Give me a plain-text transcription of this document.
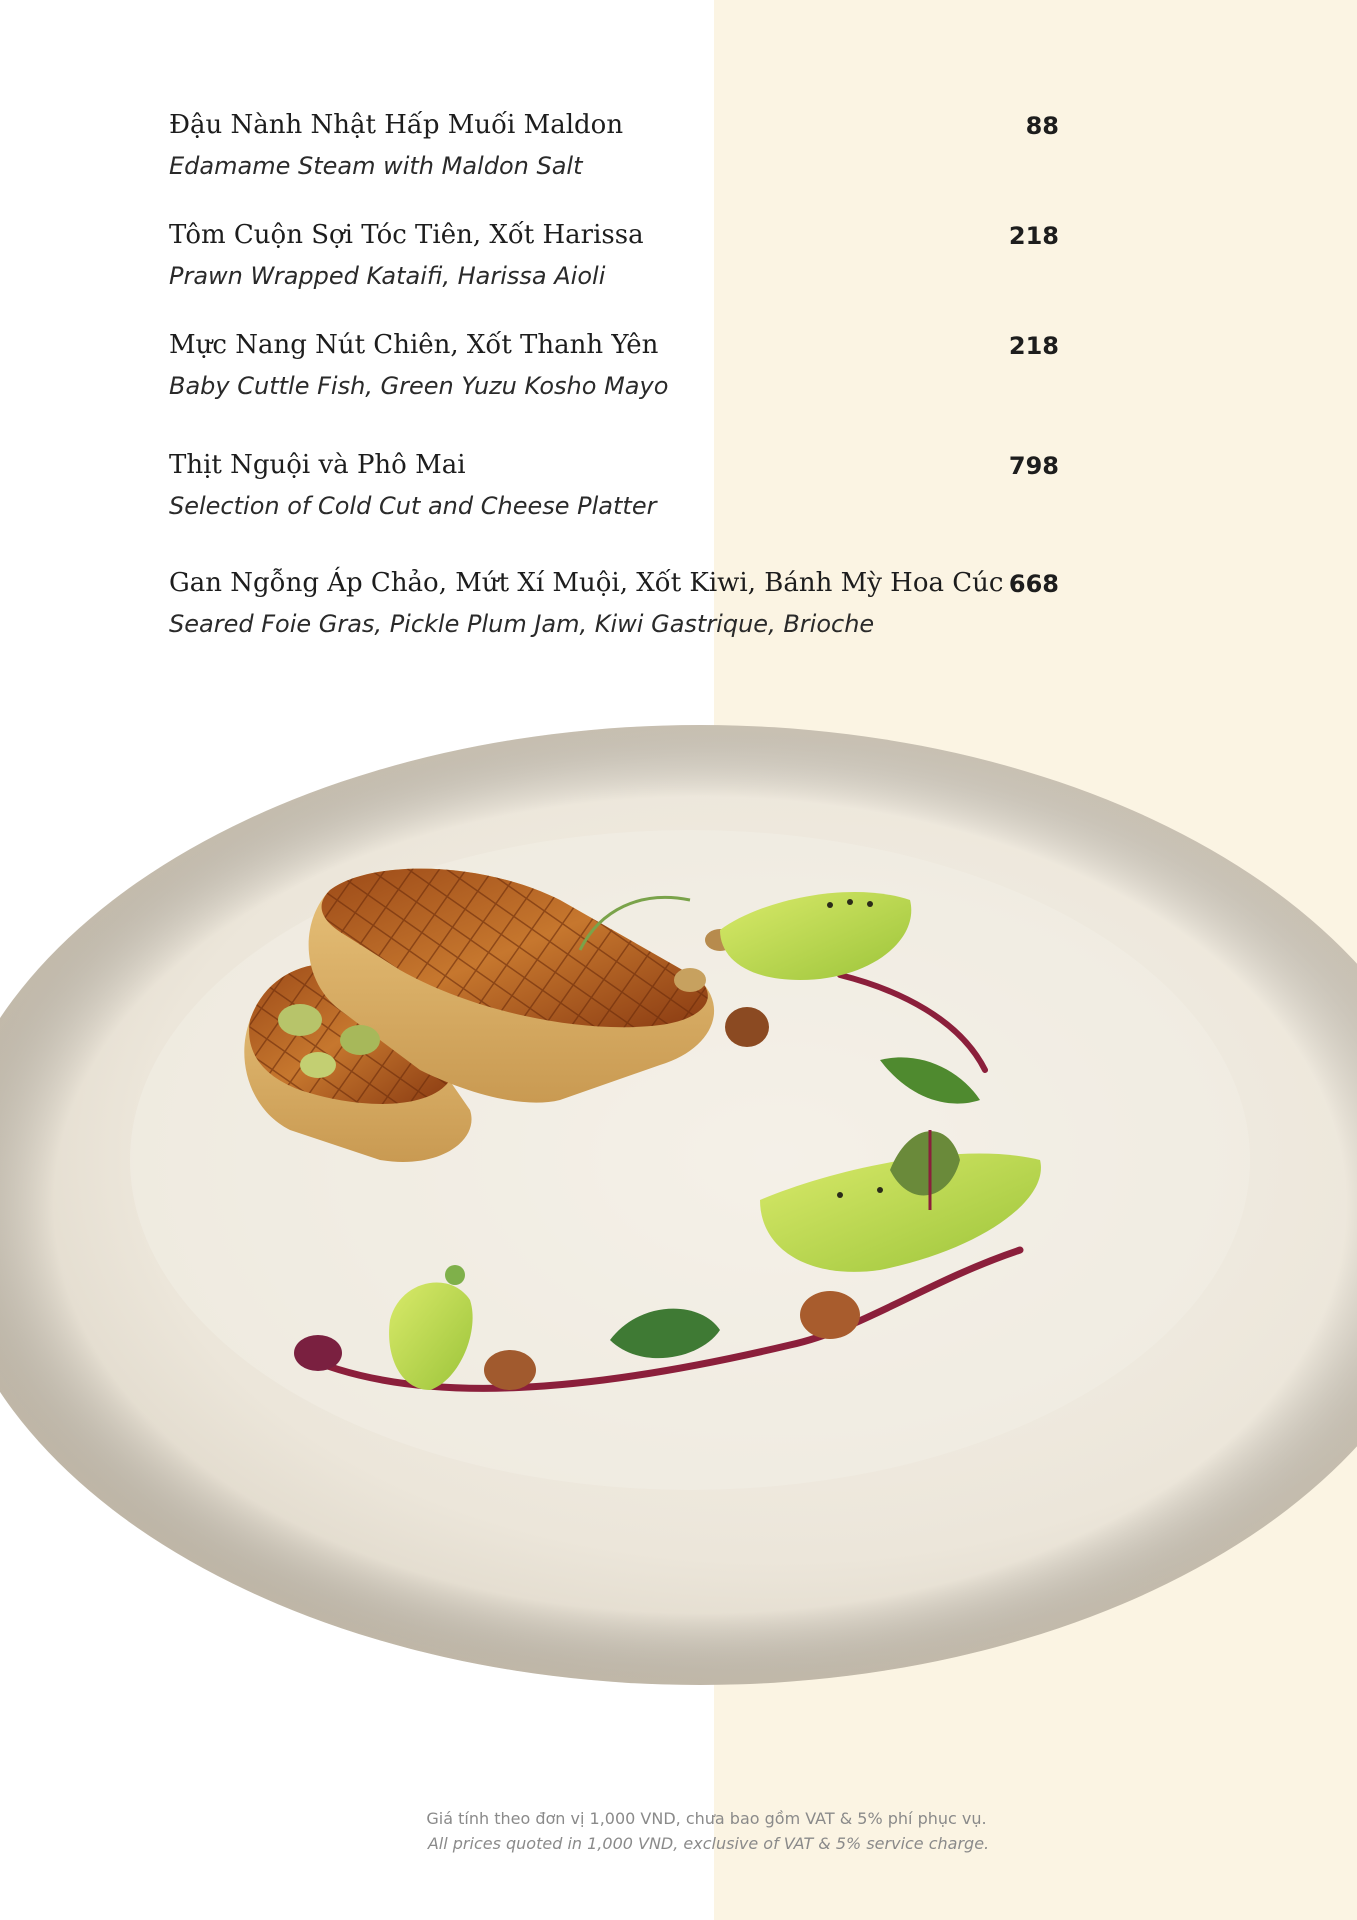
Đậu Nành Nhật Hấp Muối Maldon	88
Edamame Steam with Maldon Salt
Tôm Cuộn Sợi Tóc Tiên, Xốt Harissa	218
Prawn Wrapped Kataifi, Harissa Aioli
Mực Nang Nút Chiên, Xốt Thanh Yên	218
Baby Cuttle Fish, Green Yuzu Kosho Mayo
Thịt Nguội và Phô Mai	798
Selection of Cold Cut and Cheese Platter
Gan Ngỗng Áp Chảo, Mứt Xí Muội, Xốt Kiwi, Bánh Mỳ Hoa Cúc 668
Seared Foie Gras, Pickle Plum Jam, Kiwi Gastrique, Brioche
Giá tính theo đơn vị 1,000 VND, chưa bao gồm VAT & 5% phí phục vụ.
All prices quoted in 1,000 VND, exclusive of VAT & 5% service charge.
